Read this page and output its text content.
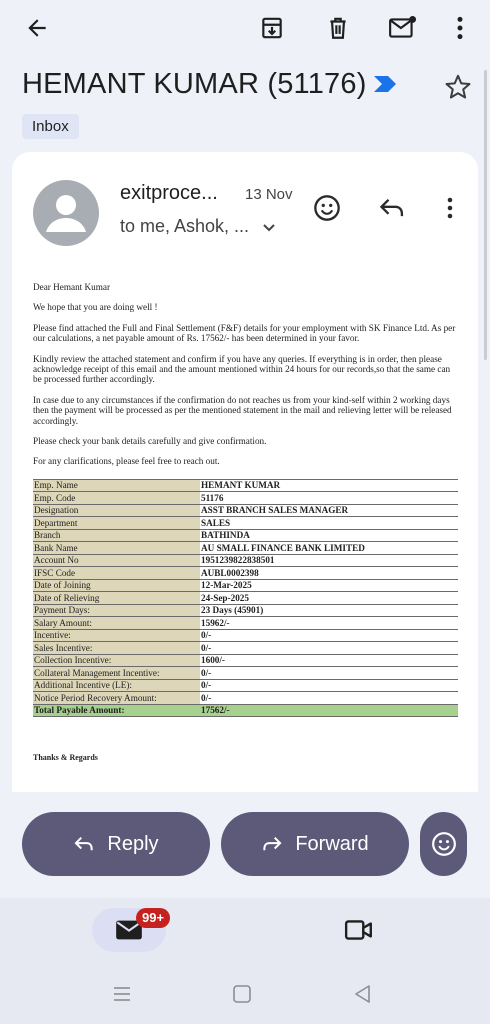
HEMANT KUMAR (51176)
Inbox
exitproce... 13 Nov
to me, Ashok, ...

Dear Hemant Kumar

We hope that you are doing well !

Please find attached the Full and Final Settlement (F&F) details for your employment with SK Finance Ltd. As per our calculations, a net payable amount of Rs. 17562/- has been determined in your favor.

Kindly review the attached statement and confirm if you have any queries. If everything is in order, then please acknowledge receipt of this email and the amount mentioned within 24 hours for our records,so that the same can be processed further accordingly.

In case due to any circumstances if the confirmation do not reaches us from your kind-self within 2 working days then the payment will be processed as per the mentioned statement in the mail and relieving letter will be released accordingly.

Please check your bank details carefully and give confirmation.

For any clarifications, please feel free to reach out.

Emp. Name	HEMANT KUMAR
Emp. Code	51176
Designation	ASST BRANCH SALES MANAGER
Department	SALES
Branch	BATHINDA
Bank Name	AU SMALL FINANCE BANK LIMITED
Account No	1951239822838501
IFSC Code	AUBL0002398
Date of Joining	12-Mar-2025
Date of Relieving	24-Sep-2025
Payment Days:	23 Days (45901)
Salary Amount:	15962/-
Incentive:	0/-
Sales Incentive:	0/-
Collection Incentive:	1600/-
Collateral Management Incentive:	0/-
Additional Incentive (LE):	0/-
Notice Period Recovery Amount:	0/-
Total Payable Amount:	17562/-
Thanks & Regards
Reply	Forward
99+
